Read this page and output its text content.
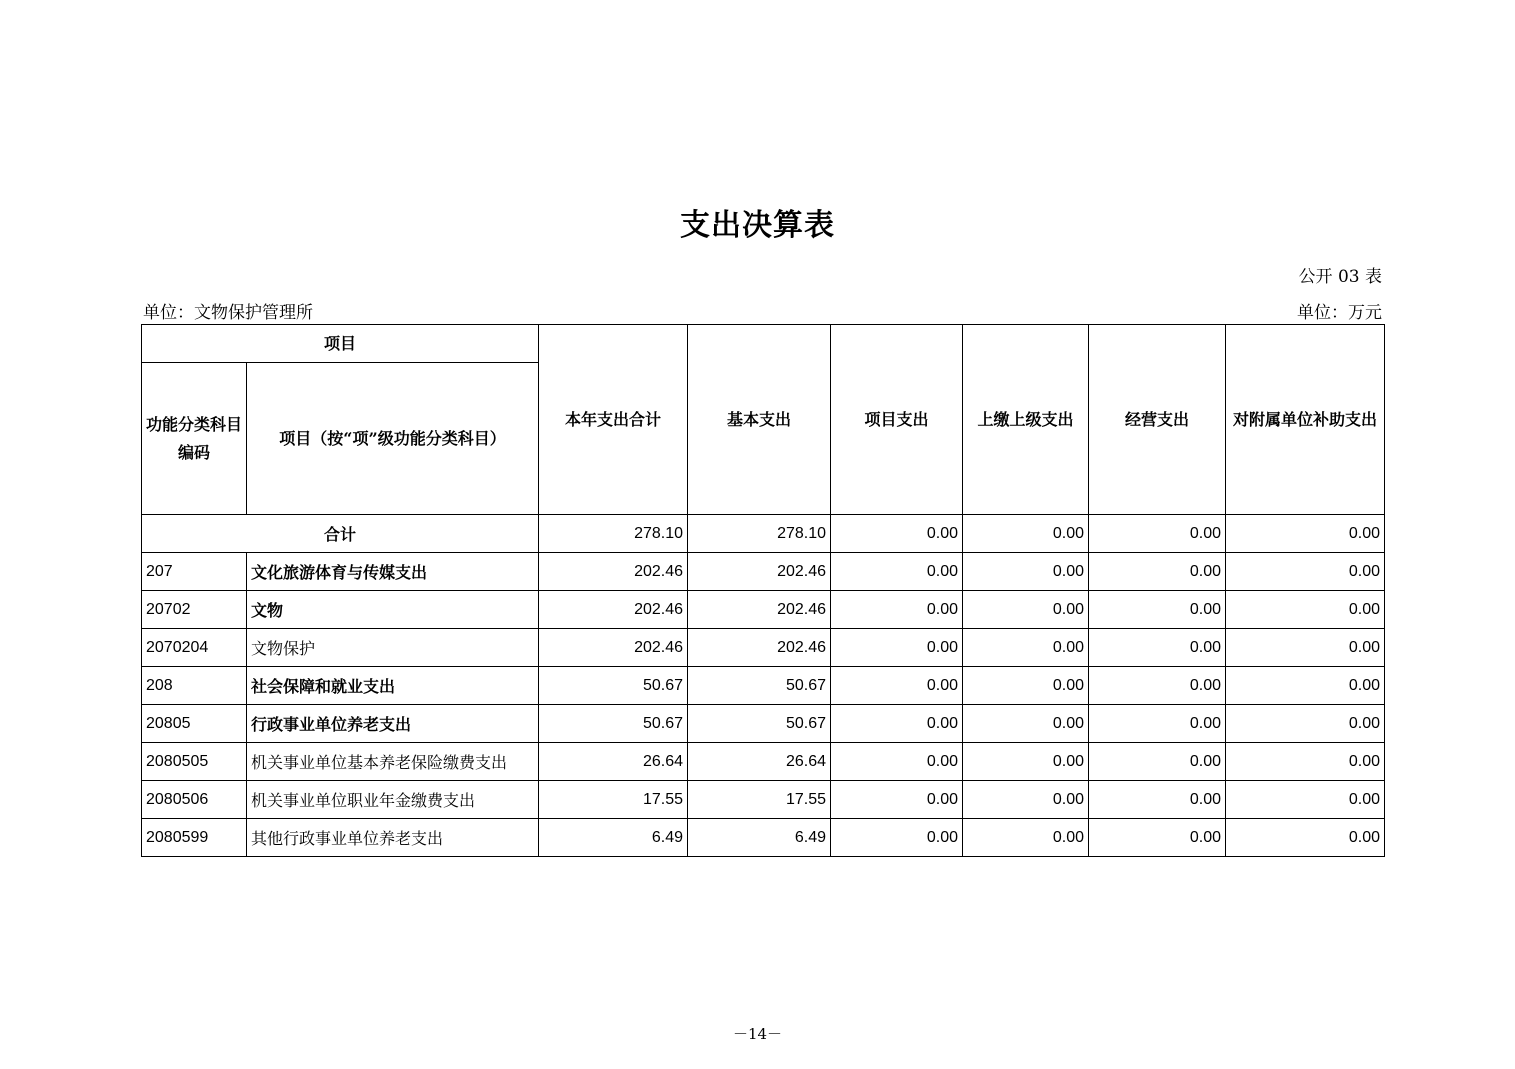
支出决算表
公开 03 表
单位：文物保护管理所	单位：万元
项目		本年支出合计	基本支出	项目支出	上缴上级支出	经营支出	对附属单位补助支出
功能分类科目编码	项目（按“项”级功能分类科目）						
合计		278.10	278.10	0.00	0.00	0.00	0.00
207	文化旅游体育与传媒支出	202.46	202.46	0.00	0.00	0.00	0.00
20702	文物	202.46	202.46	0.00	0.00	0.00	0.00
2070204	文物保护	202.46	202.46	0.00	0.00	0.00	0.00
208	社会保障和就业支出	50.67	50.67	0.00	0.00	0.00	0.00
20805	行政事业单位养老支出	50.67	50.67	0.00	0.00	0.00	0.00
2080505	机关事业单位基本养老保险缴费支出	26.64	26.64	0.00	0.00	0.00	0.00
2080506	机关事业单位职业年金缴费支出	17.55	17.55	0.00	0.00	0.00	0.00
2080599	其他行政事业单位养老支出	6.49	6.49	0.00	0.00	0.00	0.00
－14－
